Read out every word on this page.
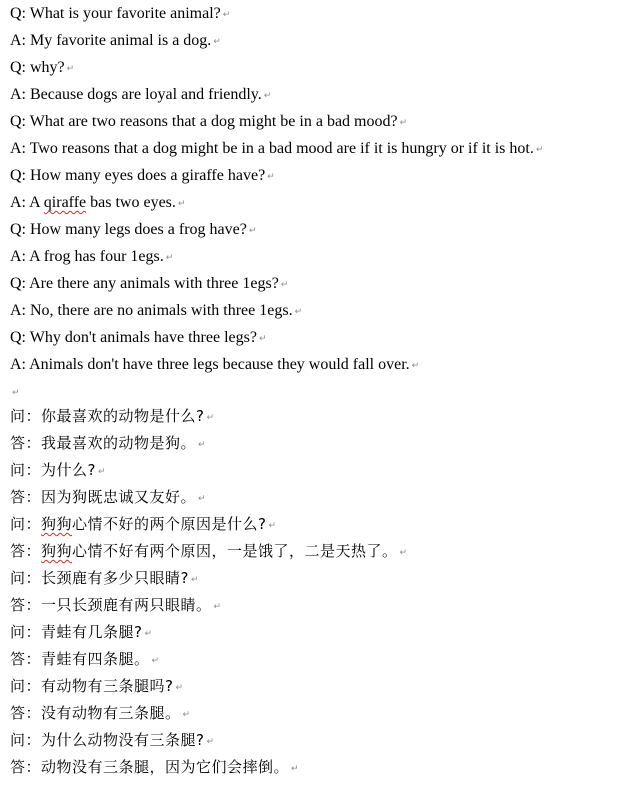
Q: What is your favorite animal? ↵
A: My favorite animal is a dog. ↵
Q: why? ↵
A: Because dogs are loyal and friendly. ↵
Q: What are two reasons that a dog might be in a bad mood? ↵
A: Two reasons that a dog might be in a bad mood are if it is hungry or if it is hot. ↵
Q: How many eyes does a giraffe have? ↵
A: A qiraffe bas two eyes. ↵
Q: How many legs does a frog have? ↵
A: A frog has four 1egs. ↵
Q: Are there any animals with three 1egs? ↵
A: No, there are no animals with three 1egs. ↵
Q: Why don't animals have three legs? ↵
A: Animals don't have three legs because they would fall over. ↵
↵
问：你最喜欢的动物是什么? ↵
答：我最喜欢的动物是狗。 ↵
问：为什么? ↵
答：因为狗既忠诚又友好。 ↵
问：狗狗心情不好的两个原因是什么? ↵
答：狗狗心情不好有两个原因，一是饿了，二是天热了。 ↵
问：长颈鹿有多少只眼睛? ↵
答：一只长颈鹿有两只眼睛。 ↵
问：青蛙有几条腿? ↵
答：青蛙有四条腿。 ↵
问：有动物有三条腿吗? ↵
答：没有动物有三条腿。 ↵
问：为什么动物没有三条腿? ↵
答：动物没有三条腿，因为它们会摔倒。 ↵
